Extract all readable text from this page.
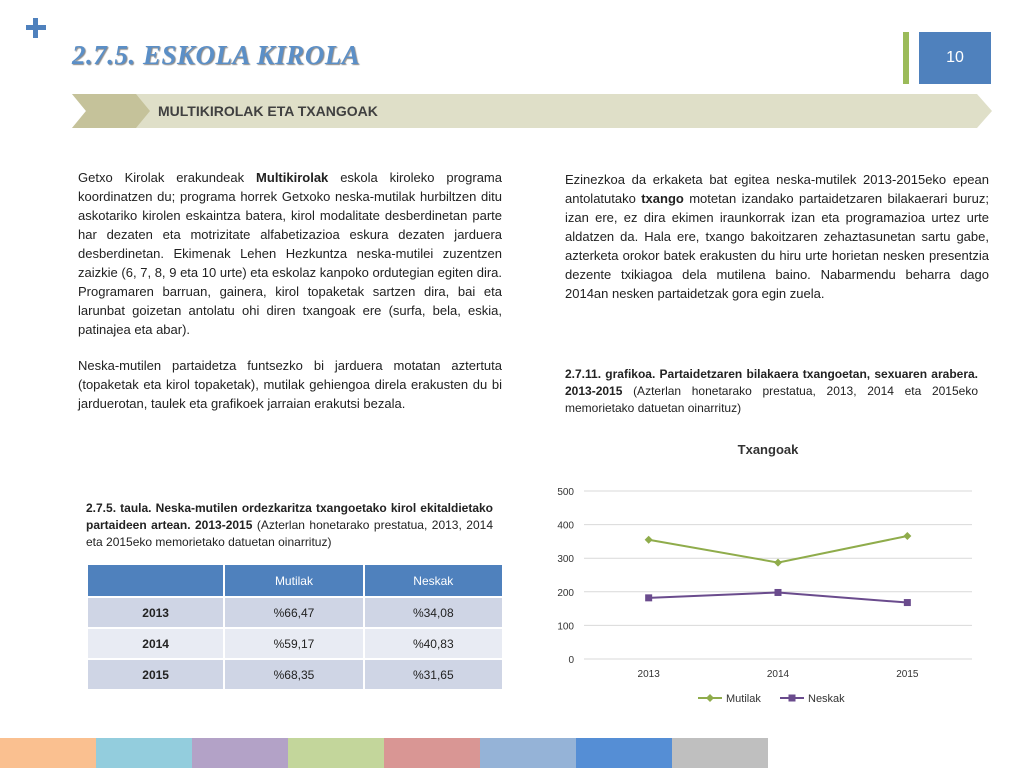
2.7.5. ESKOLA KIROLA	10
MULTIKIROLAK ETA TXANGOAK

Getxo Kirolak erakundeak Multikirolak eskola kiroleko programa koordinatzen du; programa horrek Getxoko neska-mutilak hurbiltzen ditu askotariko kirolen eskaintza batera, kirol modalitate desberdinetan parte har dezaten eta motrizitate alfabetizazioa eskura dezaten jarduera desberdinetan. Ekimenak Lehen Hezkuntza neska-mutilei zuzentzen zaizkie (6, 7, 8, 9 eta 10 urte) eta eskolaz kanpoko ordutegian egiten dira. Programaren barruan, gainera, kirol topaketak sartzen dira, bai eta larunbat goizetan antolatu ohi diren txangoak ere (surfa, bela, eskia, patinajea eta abar).

Neska-mutilen partaidetza funtsezko bi jarduera motatan aztertuta (topaketak eta kirol topaketak), mutilak gehiengoa direla erakusten du bi jarduerotan, taulek eta grafikoek jarraian erakutsi bezala.

Ezinezkoa da erkaketa bat egitea neska-mutilek 2013-2015eko epean antolatutako txango motetan izandako partaidetzaren bilakaerari buruz; izan ere, ez dira ekimen iraunkorrak izan eta programazioa urtez urte aldatzen da. Hala ere, txango bakoitzaren zehaztasunetan sartu gabe, azterketa orokor batek erakusten du hiru urte horietan nesken presentzia dezente txikiagoa dela mutilena baino. Nabarmendu beharra dago 2014an nesken partaidetzak gora egin zuela.

2.7.11. grafikoa. Partaidetzaren bilakaera txangoetan, sexuaren arabera. 2013-2015 (Azterlan honetarako prestatua, 2013, 2014 eta 2015eko memorietako datuetan oinarrituz)

2.7.5. taula. Neska-mutilen ordezkaritza txangoetako kirol ekitaldietako partaideen artean. 2013-2015 (Azterlan honetarako prestatua, 2013, 2014 eta 2015eko memorietako datuetan oinarrituz)

	Mutilak	Neskak
2013	%66,47	%34,08
2014	%59,17	%40,83
2015	%68,35	%31,65
Txangoak
0
100
200
300
400
500
2013	2014	2015
Mutilak	Neskak
